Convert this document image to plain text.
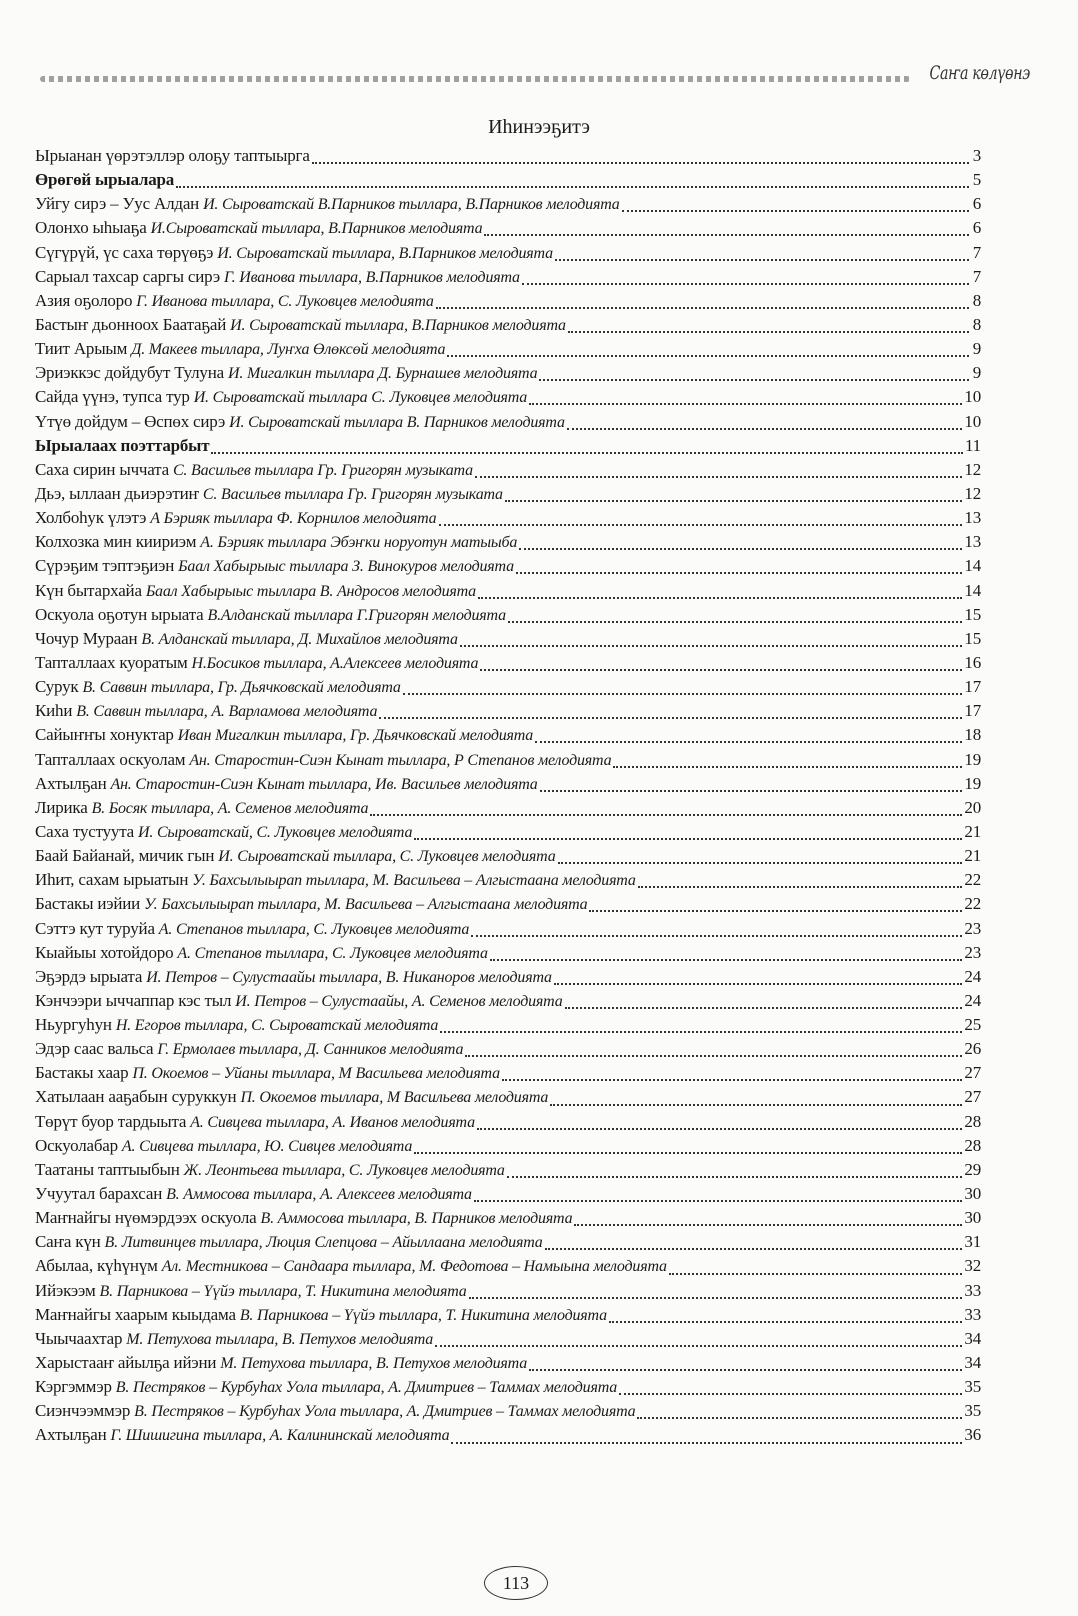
Саҥа көлүөнэ
Иһинээҕитэ
Ырыанан үөрэтэллэр олоҕу таптыырга	3
Өрөгөй ырыалара	5
Уйгу сирэ – Уус Алдан И. Сыроватскай В.Парников тыллара, В.Парников мелодията	6
Олонхо ыһыаҕа И.Сыроватскай тыллара, В.Парников мелодията	6
Сүгүрүй, үс саха төрүөҕэ И. Сыроватскай тыллара, В.Парников мелодията	7
Сарыал тахсар саргы сирэ Г. Иванова тыллара, В.Парников мелодията	7
Азия оҕолоро Г. Иванова тыллара, С. Луковцев мелодията	8
Бастыҥ дьонноох Баатаҕай И. Сыроватскай тыллара, В.Парников мелодията	8
Тиит Арыым Д. Макеев тыллара, Луҥха Өлөксөй мелодията	9
Эриэккэс дойдубут Тулуна И. Мигалкин тыллара Д. Бурнашев мелодията	9
Сайда үүнэ, тупса тур И. Сыроватскай тыллара С. Луковцев мелодията	10
Үтүө дойдум – Өспөх сирэ И. Сыроватскай тыллара В. Парников мелодията	10
Ырыалаах поэттарбыт	11
Саха сирин ыччата С. Васильев тыллара Гр. Григорян музыката	12
Дьэ, ыллаан дьиэрэтиҥ С. Васильев тыллара Гр. Григорян музыката	12
Холбоһук үлэтэ А Бэрияк тыллара Ф. Корнилов мелодията	13
Колхозка мин киириэм А. Бэрияк тыллара Эбэҥки норуотун матыыба	13
Сүрэҕим тэптэҕиэн Баал Хабырыыс тыллара З. Винокуров мелодията	14
Күн бытархайа Баал Хабырыыс тыллара В. Андросов мелодията	14
Оскуола оҕотун ырыата В.Алданскай тыллара Г.Григорян мелодията	15
Чочур Мураан В. Алданскай тыллара, Д. Михайлов мелодията	15
Тапталлаах куоратым Н.Босиков тыллара, А.Алексеев мелодията	16
Сурук В. Саввин тыллара, Гр. Дьячковскай мелодията	17
Киһи В. Саввин тыллара, А. Варламова мелодията	17
Сайыҥҥы хонуктар Иван Мигалкин тыллара, Гр. Дьячковскай мелодията	18
Тапталлаах оскуолам Ан. Старостин-Сиэн Кынат тыллара, Р Степанов мелодията	19
Ахтылҕан Ан. Старостин-Сиэн Кынат тыллара, Ив. Васильев мелодията	19
Лирика В. Босяк тыллара, А. Семенов мелодията	20
Саха тустуута И. Сыроватскай, С. Луковцев мелодията	21
Баай Байанай, мичик гын И. Сыроватскай тыллара, С. Луковцев мелодията	21
Иһит, сахам ырыатын У. Бахсылыырап тыллара, М. Васильева – Алгыстаана мелодията	22
Бастакы иэйии У. Бахсылыырап тыллара, М. Васильева – Алгыстаана мелодията	22
Сэттэ кут туруйа А. Степанов тыллара, С. Луковцев мелодията	23
Кыайыы хотойдоро А. Степанов тыллара, С. Луковцев мелодията	23
Эҕэрдэ ырыата И. Петров – Сулустаайы тыллара, В. Никаноров мелодията	24
Кэнчээри ыччаппар кэс тыл И. Петров – Сулустаайы, А. Семенов мелодията	24
Ньургуһун Н. Егоров тыллара, С. Сыроватскай мелодията	25
Эдэр саас вальса Г. Ермолаев тыллара, Д. Санников мелодията	26
Бастакы хаар П. Окоемов – Уйаны тыллара, М Васильева мелодията	27
Хатылаан ааҕабын суруккун П. Окоемов тыллара, М Васильева мелодията	27
Төрүт буор тардыыта А. Сивцева тыллара, А. Иванов мелодията	28
Оскуолабар А. Сивцева тыллара, Ю. Сивцев мелодията	28
Таатаны таптыыбын Ж. Леонтьева тыллара, С. Луковцев мелодията	29
Учуутал барахсан В. Аммосова тыллара, А. Алексеев мелодията	30
Маҥнайгы нүөмэрдээх оскуола В. Аммосова тыллара, В. Парников мелодията	30
Саҥа күн В. Литвинцев тыллара, Люция Слепцова – Айыллаана мелодията	31
Абылаа, күһүнүм Ал. Местникова – Сандаара тыллара, М. Федотова – Намыына мелодията	32
Ийэкээм В. Парникова – Үүйэ тыллара, Т. Никитина мелодията	33
Маҥнайгы хаарым кыыдама В. Парникова – Үүйэ тыллара, Т. Никитина мелодията	33
Чыычаахтар М. Петухова тыллара, В. Петухов мелодията	34
Харыстааҥ айылҕа ийэни М. Петухова тыллара, В. Петухов мелодията	34
Кэргэммэр В. Пестряков – Курбуһах Уола тыллара, А. Дмитриев – Таммах мелодията	35
Сиэнчээммэр В. Пестряков – Курбуһах Уола тыллара, А. Дмитриев – Таммах мелодията	35
Ахтылҕан Г. Шишигина тыллара, А. Калининскай мелодията	36
113
